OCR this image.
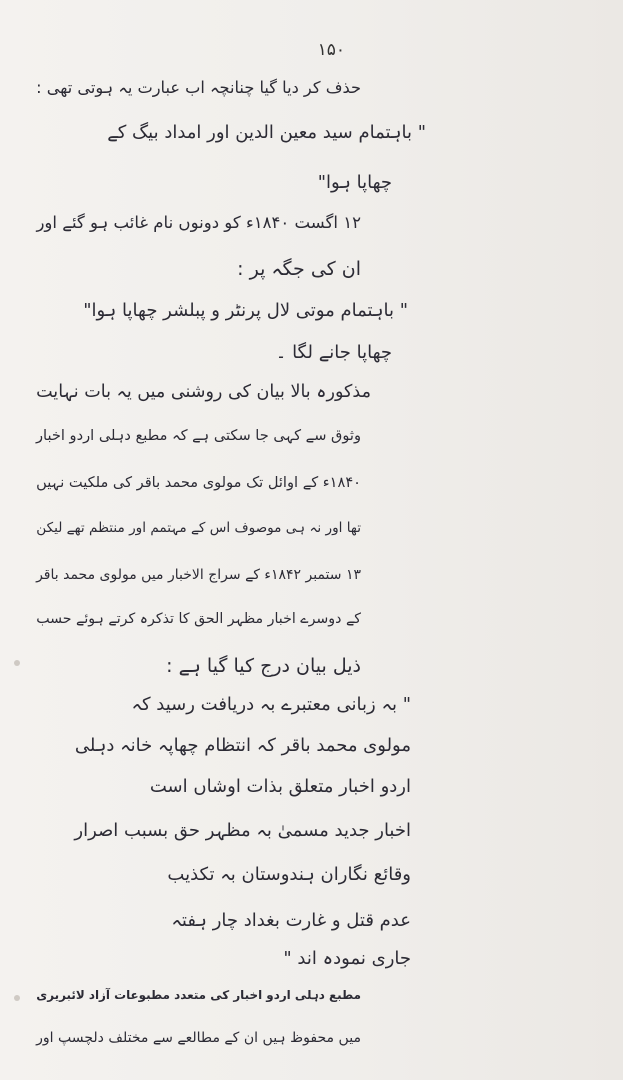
۱۵۰
حذف کر دیا گیا چنانچہ اب عبارت یہ ہوتی تھی :
" باہتمام سید معین الدین اور امداد بیگ کے
چھاپا ہوا"
۱۲ اگست ۱۸۴۰ء کو دونوں نام غائب ہو گئے اور
ان کی جگہ پر :
" باہتمام موتی لال پرنٹر و پبلشر چھاپا ہوا"
چھاپا جانے لگا ۔
مذکورہ بالا بیان کی روشنی میں یہ بات نہایت
وثوق سے کہی جا سکتی ہے کہ مطبع دہلی اردو اخبار
۱۸۴۰ء کے اوائل تک مولوی محمد باقر کی ملکیت نہیں
تھا اور نہ ہی موصوف اس کے مہتمم اور منتظم تھے لیکن
۱۳ ستمبر ۱۸۴۲ء کے سراج الاخبار میں مولوی محمد باقر
کے دوسرے اخبار مظہر الحق کا تذکرہ کرتے ہوئے حسب
ذیل بیان درج کیا گیا ہے :
" بہ زبانی معتبرے بہ دریافت رسید کہ
مولوی محمد باقر کہ انتظام چھاپہ خانہ دہلی
اردو اخبار متعلق بذات اوشاں است
اخبار جدید مسمیٰ بہ مظہر حق بسبب اصرار
وقائع نگاران ہندوستان بہ تکذیب
عدم قتل و غارت بغداد چار ہفتہ
جاری نمودہ اند "
مطبع دہلی اردو اخبار کی متعدد مطبوعات آزاد لائبریری
میں محفوظ ہیں ان کے مطالعے سے مختلف دلچسپ اور
